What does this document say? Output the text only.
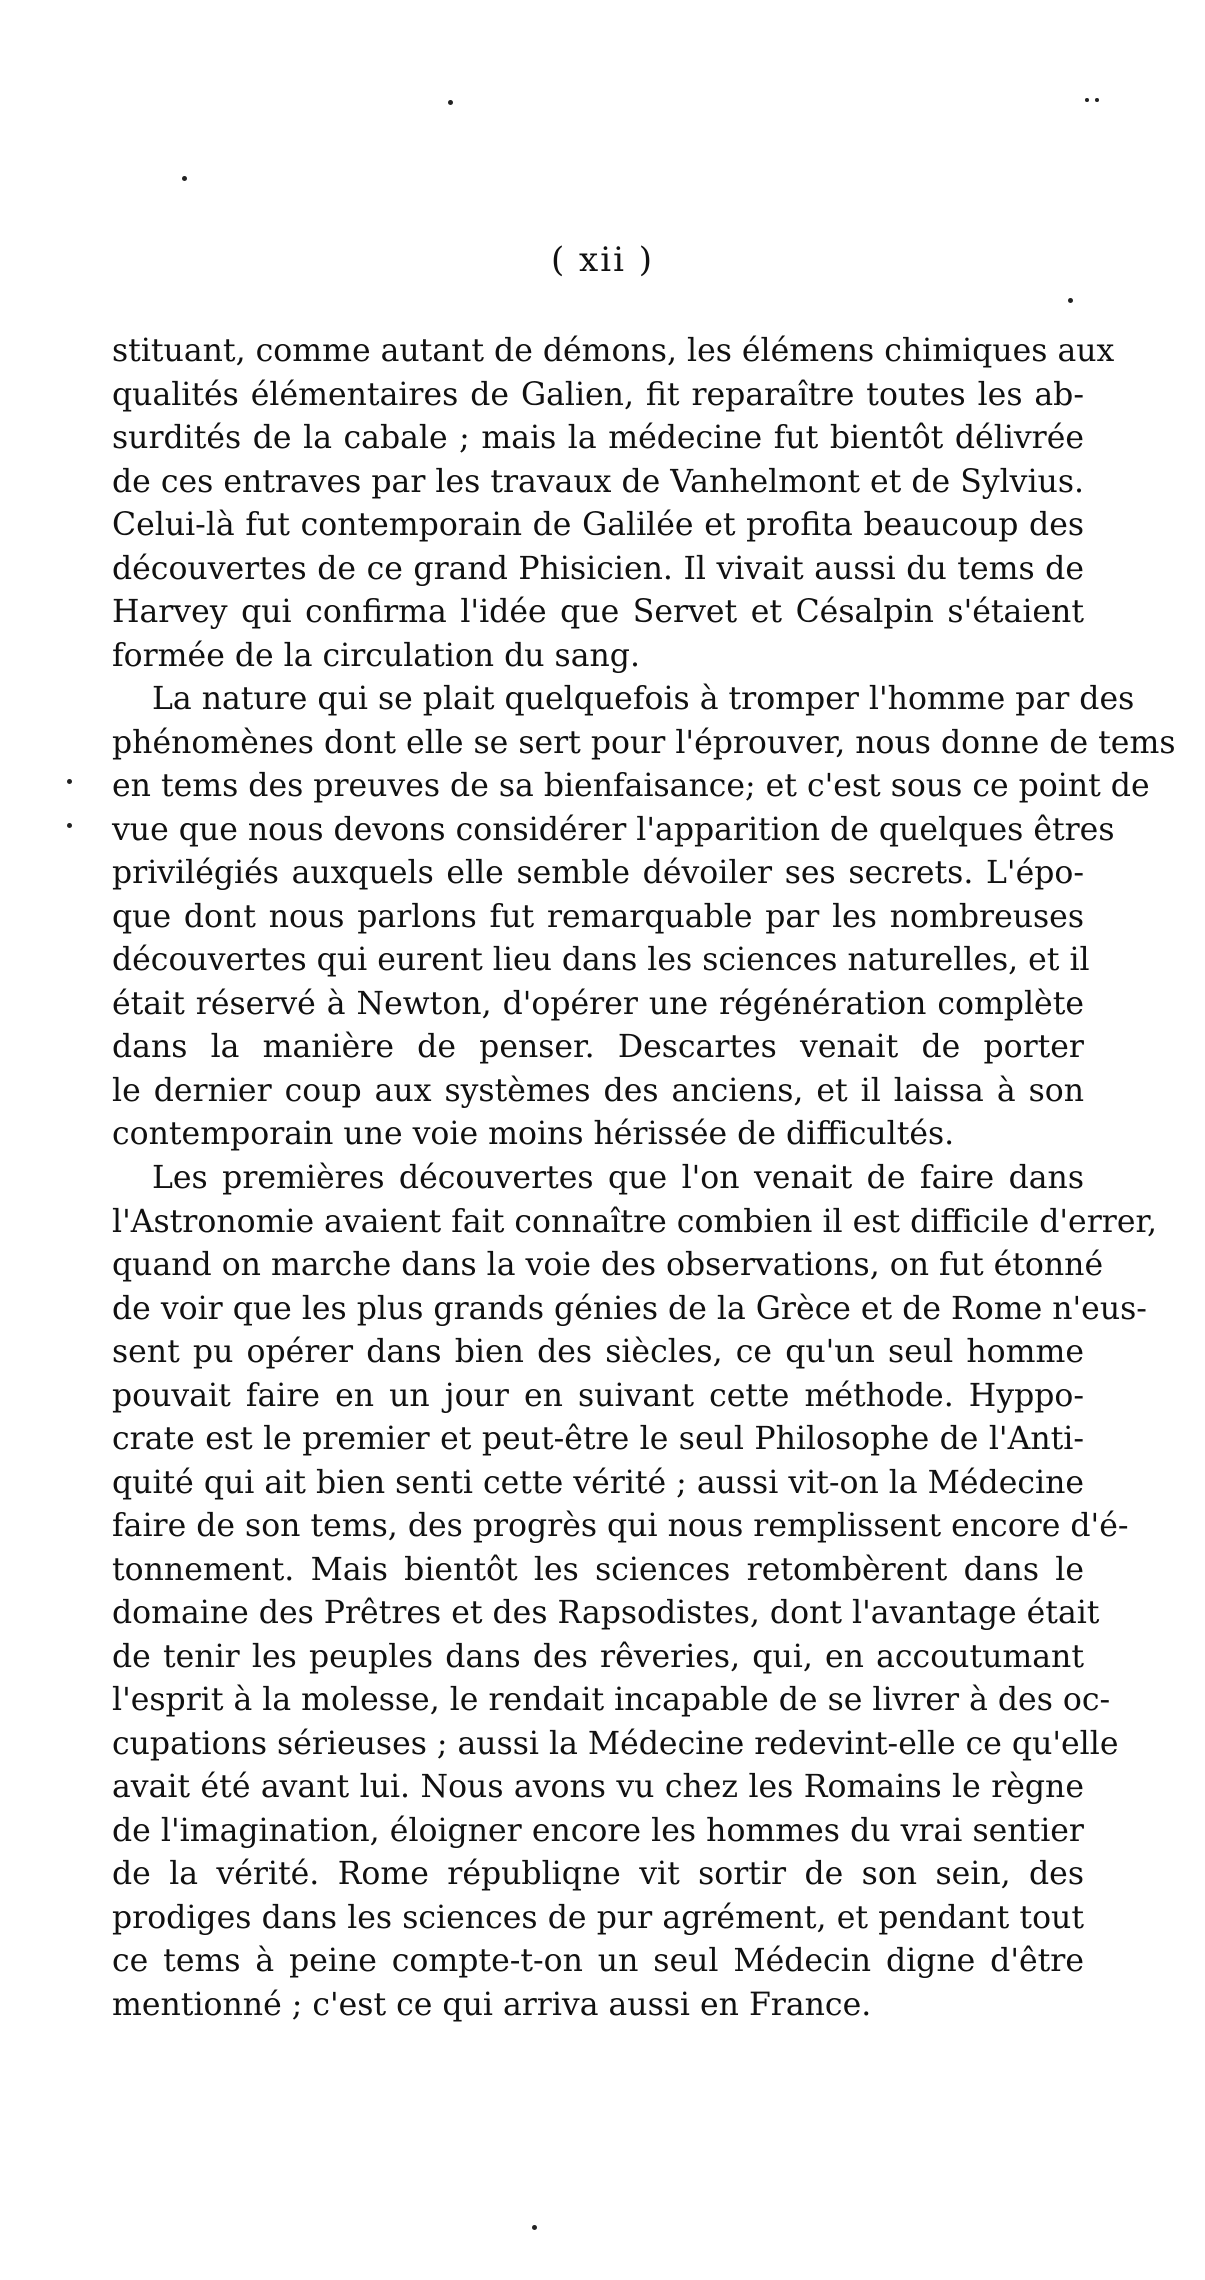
( xii )
stituant, comme autant de démons, les élémens chimiques aux
qualités élémentaires de Galien, fit reparaître toutes les ab-
surdités de la cabale ; mais la médecine fut bientôt délivrée
de ces entraves par les travaux de Vanhelmont et de Sylvius.
Celui-là fut contemporain de Galilée et profita beaucoup des
découvertes de ce grand Phisicien. Il vivait aussi du tems de
Harvey qui confirma l'idée que Servet et Césalpin s'étaient
formée de la circulation du sang.
La nature qui se plait quelquefois à tromper l'homme par des
phénomènes dont elle se sert pour l'éprouver, nous donne de tems
en tems des preuves de sa bienfaisance; et c'est sous ce point de
vue que nous devons considérer l'apparition de quelques êtres
privilégiés auxquels elle semble dévoiler ses secrets. L'épo-
que dont nous parlons fut remarquable par les nombreuses
découvertes qui eurent lieu dans les sciences naturelles, et il
était réservé à Newton, d'opérer une régénération complète
dans la manière de penser. Descartes venait de porter
le dernier coup aux systèmes des anciens, et il laissa à son
contemporain une voie moins hérissée de difficultés.
Les premières découvertes que l'on venait de faire dans
l'Astronomie avaient fait connaître combien il est difficile d'errer,
quand on marche dans la voie des observations, on fut étonné
de voir que les plus grands génies de la Grèce et de Rome n'eus-
sent pu opérer dans bien des siècles, ce qu'un seul homme
pouvait faire en un jour en suivant cette méthode. Hyppo-
crate est le premier et peut-être le seul Philosophe de l'Anti-
quité qui ait bien senti cette vérité ; aussi vit-on la Médecine
faire de son tems, des progrès qui nous remplissent encore d'é-
tonnement. Mais bientôt les sciences retombèrent dans le
domaine des Prêtres et des Rapsodistes, dont l'avantage était
de tenir les peuples dans des rêveries, qui, en accoutumant
l'esprit à la molesse, le rendait incapable de se livrer à des oc-
cupations sérieuses ; aussi la Médecine redevint-elle ce qu'elle
avait été avant lui. Nous avons vu chez les Romains le règne
de l'imagination, éloigner encore les hommes du vrai sentier
de la vérité. Rome républiqne vit sortir de son sein, des
prodiges dans les sciences de pur agrément, et pendant tout
ce tems à peine compte-t-on un seul Médecin digne d'être
mentionné ; c'est ce qui arriva aussi en France.
